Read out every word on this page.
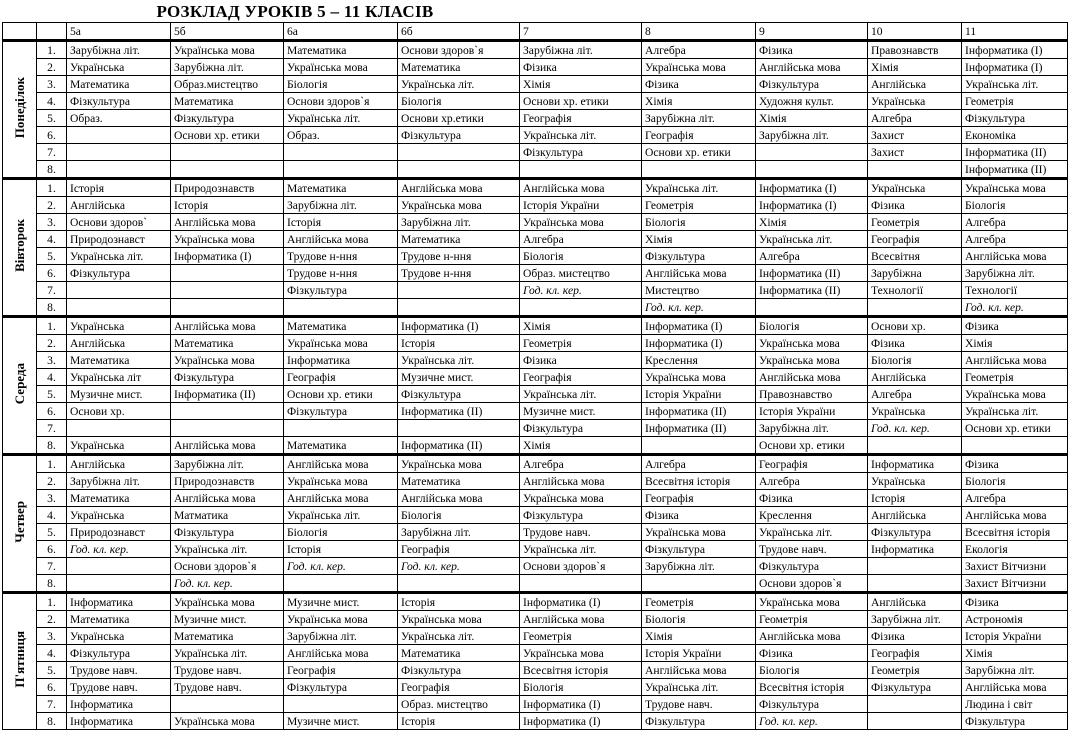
РОЗКЛАД УРОКІВ 5 – 11 КЛАСІВ
		5а	5б	6а	6б	7	8	9	10	11
Понеділок	1.	Зарубіжна літ.	Українська мова	Математика	Основи здоров`я	Зарубіжна літ.	Алгебра	Фізика	Правознавств	Інформатика (І)
	2.	Українська	Зарубіжна літ.	Українська мова	Математика	Фізика	Українська мова	Англійська мова	Хімія	Інформатика (І)
	3.	Математика	Образ.мистецтво	Біологія	Українська літ.	Хімія	Фізика	Фізкультура	Англійська	Українська літ.
	4.	Фізкультура	Математика	Основи здоров`я	Біологія	Основи хр. етики	Хімія	Художня культ.	Українська	Геометрія
	5.	Образ.	Фізкультура	Українська літ.	Основи хр.етики	Географія	Зарубіжна літ.	Хімія	Алгебра	Фізкультура
	6.		Основи хр. етики	Образ.	Фізкультура	Українська літ.	Географія	Зарубіжна літ.	Захист	Економіка
	7.					Фізкультура	Основи хр. етики		Захист	Інформатика (ІІ)
	8.									Інформатика (ІІ)
Вівторок	1.	Історія	Природознавств	Математика	Англійська мова	Англійська мова	Українська літ.	Інформатика (І)	Українська	Українська мова
	2.	Англійська	Історія	Зарубіжна літ.	Українська мова	Історія України	Геометрія	Інформатика (І)	Фізика	Біологія
	3.	Основи здоров`	Англійська мова	Історія	Зарубіжна літ.	Українська мова	Біологія	Хімія	Геометрія	Алгебра
	4.	Природознавст	Українська мова	Англійська мова	Математика	Алгебра	Хімія	Українська літ.	Географія	Алгебра
	5.	Українська літ.	Інформатика (І)	Трудове н-ння	Трудове н-ння	Біологія	Фізкультура	Алгебра	Всесвітня	Англійська мова
	6.	Фізкультура		Трудове н-ння	Трудове н-ння	Образ. мистецтво	Англійська мова	Інформатика (ІІ)	Зарубіжна	Зарубіжна літ.
	7.			Фізкультура		Год. кл. кер.	Мистецтво	Інформатика (ІІ)	Технології	Технології
	8.						Год. кл. кер.			Год. кл. кер.
Середа	1.	Українська	Англійська мова	Математика	Інформатика (І)	Хімія	Інформатика (І)	Біологія	Основи хр.	Фізика
	2.	Англійська	Математика	Українська мова	Історія	Геометрія	Інформатика (І)	Українська мова	Фізика	Хімія
	3.	Математика	Українська мова	Інформатика	Українська літ.	Фізика	Креслення	Українська мова	Біологія	Англійська мова
	4.	Українська літ	Фізкультура	Географія	Музичне мист.	Географія	Українська мова	Англійська мова	Англійська	Геометрія
	5.	Музичне мист.	Інформатика (ІІ)	Основи хр. етики	Фізкультура	Українська літ.	Історія України	Правознавство	Алгебра	Українська мова
	6.	Основи хр.		Фізкультура	Інформатика (ІІ)	Музичне мист.	Інформатика (ІІ)	Історія України	Українська	Українська літ.
	7.					Фізкультура	Інформатика (ІІ)	Зарубіжна літ.	Год. кл. кер.	Основи хр. етики
	8.	Українська	Англійська мова	Математика	Інформатика (ІІ)	Хімія		Основи хр. етики		
Четвер	1.	Англійська	Зарубіжна літ.	Англійська мова	Українська мова	Алгебра	Алгебра	Географія	Інформатика	Фізика
	2.	Зарубіжна літ.	Природознавств	Українська мова	Математика	Англійська мова	Всесвітня історія	Алгебра	Українська	Біологія
	3.	Математика	Англійська мова	Англійська мова	Англійська мова	Українська мова	Географія	Фізика	Історія	Алгебра
	4.	Українська	Матматика	Українська літ.	Біологія	Фізкультура	Фізика	Креслення	Англійська	Англійська мова
	5.	Природознавст	Фізкультура	Біологія	Зарубіжна літ.	Трудове навч.	Українська мова	Українська літ.	Фізкультура	Всесвітня історія
	6.	Год. кл. кер.	Українська літ.	Історія	Географія	Українська літ.	Фізкультура	Трудове навч.	Інформатика	Екологія
	7.		Основи здоров`я	Год. кл. кер.	Год. кл. кер.	Основи здоров`я	Зарубіжна літ.	Фізкультура		Захист Вітчизни
	8.		Год. кл. кер.					Основи здоров`я		Захист Вітчизни
П'ятниця	1.	Інформатика	Українська мова	Музичне мист.	Історія	Інформатика (І)	Геометрія	Українська мова	Англійська	Фізика
	2.	Математика	Музичне мист.	Українська мова	Українська мова	Англійська мова	Біологія	Геометрія	Зарубіжна літ.	Астрономія
	3.	Українська	Математика	Зарубіжна літ.	Українська літ.	Геометрія	Хімія	Англійська мова	Фізика	Історія України
	4.	Фізкультура	Українська літ.	Англійська мова	Математика	Українська мова	Історія України	Фізика	Географія	Хімія
	5.	Трудове навч.	Трудове навч.	Географія	Фізкультура	Всесвітня історія	Англійська мова	Біологія	Геометрія	Зарубіжна літ.
	6.	Трудове навч.	Трудове навч.	Фізкультура	Географія	Біологія	Українська літ.	Всесвітня історія	Фізкультура	Англійська мова
	7.	Інформатика			Образ. мистецтво	Інформатика (І)	Трудове навч.	Фізкультура		Людина і світ
	8.	Інформатика	Українська мова	Музичне мист.	Історія	Інформатика (І)	Фізкультура	Год. кл. кер.		Фізкультура
